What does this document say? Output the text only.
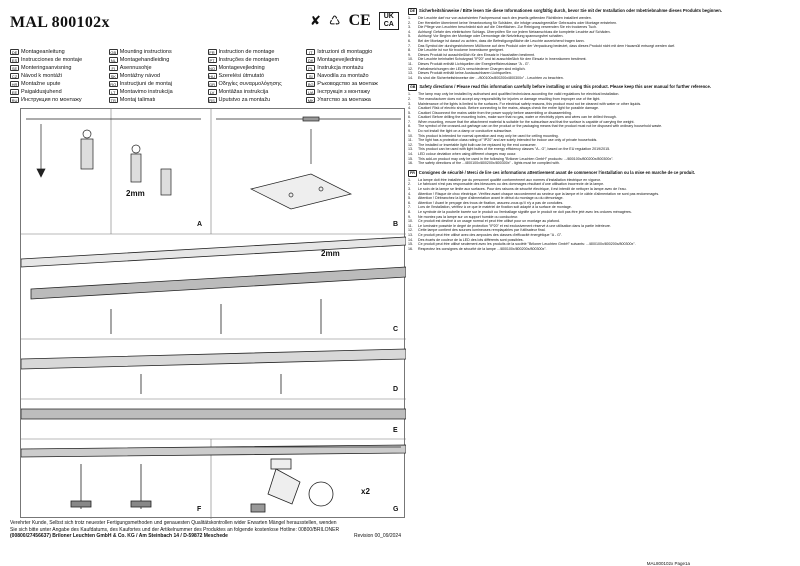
MAL 800102x	✘ ♺ CE	UK CA
DE Montageanleitung	GB Mounting instructions	FR Instruction de montage	IT Istruzioni di montaggio
ES Instrucciones de montaje	NL Montagehandleiding	PT Instruções de montagem	DK Montagevejledning
SE Monteringsanvisning	FI Asennusohje	NO Montagevejledning	PL Instrukcja montażu
CZ Návod k montáži	SK Montážny návod	HU Szerelési útmutató	SI Navodila za montažo
HR Montažne upute	RO Instrucţiuni de montaj	GR Οδηγίες συναρμολόγησης	BG Ръководство за монтаж
EE Paigaldusjuhend	LT Montavimo instrukcija	LV Montāžas instrukcija	UA Інструкція з монтажу
RU Инструкция по монтажу	TR Montaj talimatı	RS Uputstvo za montažu	MK Упатство за монтажа
A	B
C
D
E
F	G
2mm
2mm
x2
Verehrter Kunde, Selbst sich trotz neuester Fertigungsmethoden und genauesten Qualitätskontrollen wider Erwarten Mängel herausstellen, wenden
Sie sich bitte unter Angabe des Kaufdatums, des Kaufortes und der Artikelnummer des Produktes an folgende kostenlose Hotline: 00800/BRILONER
(00800/27456637) Briloner Leuchten GmbH & Co. KG / Am Steinbach 14 / D-59872 Meschede	Revision 00_09/2024
DE Sicherheitshinweise / Bitte lesen Sie diese Informationen sorgfältig durch, bevor Sie mit der Installation oder Inbetriebnahme dieses Produkts beginnen.
1.	Die Leuchte darf nur von autorisierten Fachpersonal nach den jeweils geltenden Richtlinien installiert werden.
2.	Der Hersteller übernimmt keine Verantwortung für Schäden, die infolge unsachgemäßer Gebrauchs oder Montage entstehen.
3.	Die Pflege von Leuchten beschränkt sich auf die Oberflächen. Zur Reinigung verwenden Sie ein trockenes Tuch.
4.	Achtung! Gefahr des elektrischen Schlags. Überprüfen Sie vor jedem Netzanschluss die komplette Leuchte auf Schäden.
5.	Achtung! Vor Beginn der Montage oder Demontage die Netzleitung spannungsfrei schalten.
6.	Bei der Montage ist darauf zu achten, dass die Befestigungsfläche die Leuchte ausreichend tragen kann.
7.	Das Symbol der durchgestrichenen Mülltonne auf dem Produkt oder der Verpackung bedeutet, dass dieses Produkt nicht mit dem Hausmüll entsorgt werden darf.
8.	Die Leuchte ist nur für trockene Innenräume geeignet.
9.	Dieses Produkt ist ausschließlich für den Einsatz in Haushalten bestimmt.
10.	Die Leuchte beinhaltet Schutzgrad "IP20" und ist ausschließlich für den Einsatz in Innenräumen bestimmt.
11.	Dieses Produkt enthält Lichtquellen der Energieeffizienzklasse "A - G".
12.	Farbabweichungen der LED's verschiedener Chargen sind möglich.
13.	Dieses Produkt enthält keine Austauschbaren Lichtquellen.
14.	Es sind die Sicherheitshinweise der .../800100x/800200x/800300x" - Leuchten zu beachten.
GB Safety directions / Please read this information carefully before installing or using this product. Please keep this user manual for further reference.
1.	The lamp may only be installed by authorised and qualified technicians according the valid regulations for electrical installation.
2.	The manufacturer does not accept any responsibility for injuries or damage resulting from improper use of the light.
3.	Maintenance of the lights is limited to the surfaces. For electrical safety reasons, this product must not be cleaned with water or other liquids.
4.	Caution! Risk of electric shock. Before connecting to the mains, always check the entire light for possible damage.
5.	Caution! Disconnect the mains cable from the power supply before assembling or disassembling.
6.	Caution! Before drilling the mounting holes, make sure that no gas, water or electricity pipes and wires can be drilled through.
7.	When mounting, ensure that the attachment material is suitable for the subsurface and that the surface is capable of carrying the weight.
8.	The symbol of the crossed-out garbage can on the product or the packaging means that the product must not be disposed with ordinary household waste.
9.	Do not install the light on a damp or conductive subsurface.
10.	This product is intended for normal operation and may only be used for ceiling mounting.
11.	The light has a protection class rating of "IP20" and are solely intended for indoor use only of private households.
12.	The installed or insertable light bulb can be replaced by the end consumer.
13.	This product can be used with light bulbs of the energy efficiency classes "A - G", based on the EU regulation 2019/2015.
14.	LED colour deviation when using different charges may occur.
15.	This add-on product may only be used in the following "Briloner Leuchten GmbH" products: .../800100x/800200x/800300x".
16.	The safety directions of the .../800100x/800200x/800300x" - lights must be complied with.
FR Consignes de sécurité / Merci de lire ces informations attentivement avant de commencer l'installation ou la mise en marche de ce produit.
1.	La lampe doit être installée par du personnel qualifié conformément aux normes d'installation électrique en vigueur.
2.	Le fabricant n'est pas responsable des blessures ou des dommages résultant d'une utilisation incorrecte de la lampe.
3.	Le soin de la lampe se limite aux surfaces. Pour des raisons de sécurité électrique, il est interdit de nettoyer la lampe avec de l'eau.
4.	Attention ! Risque de choc électrique. Vérifiez avant chaque raccordement au secteur que la lampe et le câble d'alimentation ne sont pas endommagés.
5.	Attention ! Débranchez la ligne d'alimentation avant le début du montage ou du démontage.
6.	Attention ! Avant le perçage des trous de fixation, assurez-vous qu'il n'y a pas de conduites.
7.	Lors de l'installation, vérifiez à ce que le matériel de fixation soit adapté à la surface de montage.
8.	Le symbole de la poubelle barrée sur le produit ou l'emballage signifie que le produit ne doit pas être jeté avec les ordures ménagères.
9.	Ne montez pas la lampe sur un support humide ou conducteur.
10.	Ce produit est destiné à un usage normal et peut être utilisé pour un montage au plafond.
11.	Le luminaire possède le degré de protection "IP20" et est exclusivement réservé à une utilisation dans la partie intérieure.
12.	Cette lampe contient des sources lumineuses remplaçables par l'utilisateur final.
13.	Ce produit peut être utilisé avec des ampoules des classes d'efficacité énergétique "A - G".
14.	Des écarts de couleur de la LED des lots différents sont possibles.
15.	Ce produit peut être utilisé seulement avec les produits de la société "Briloner Leuchten GmbH" suivants: .../800100x/800200x/800300x".
16.	Respectez les consignes de sécurité de la lampe .../800100x/800200x/800300x".
MAL800102x Page1a
